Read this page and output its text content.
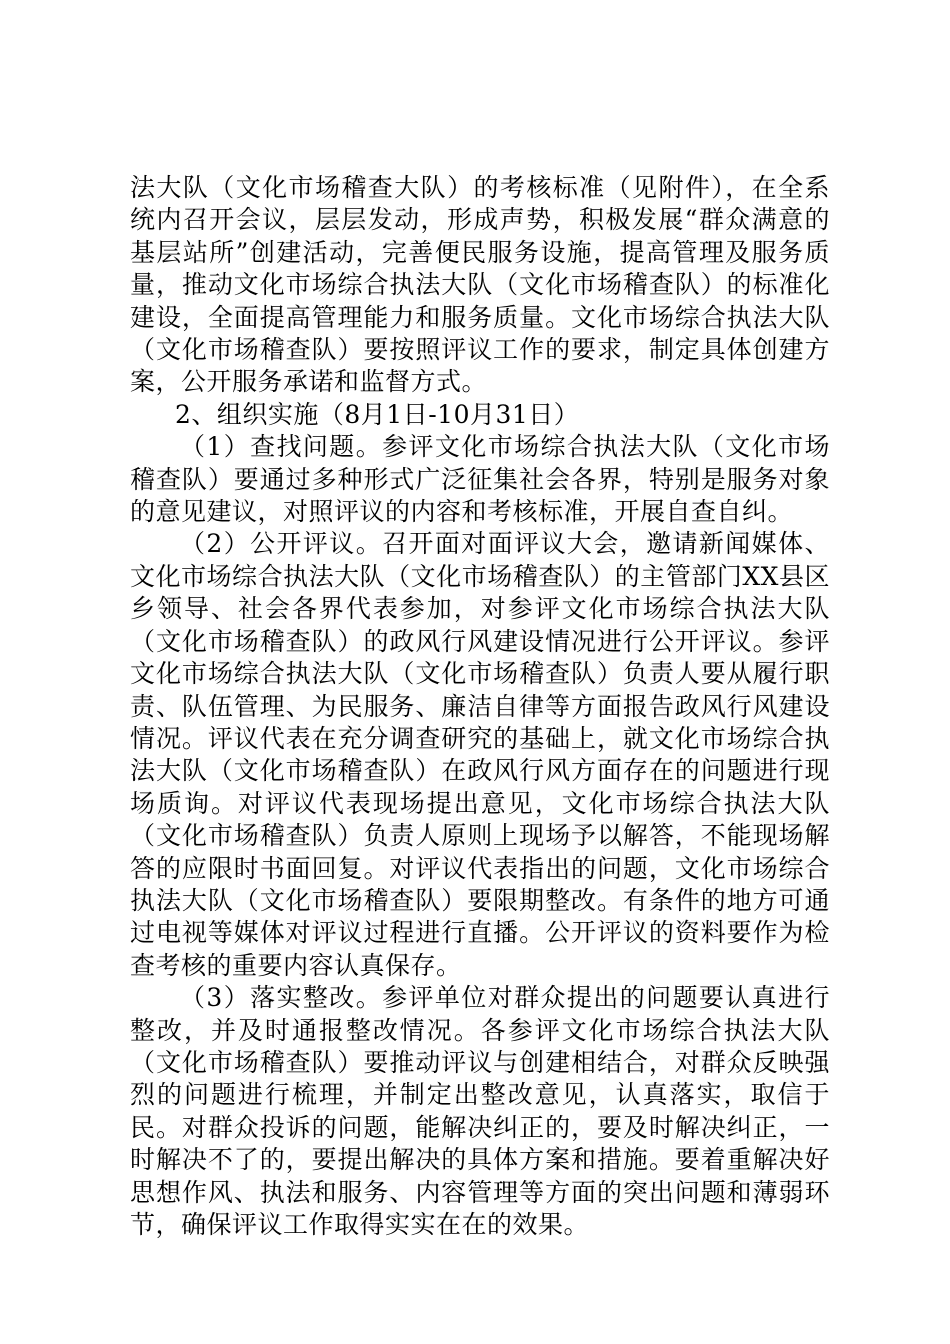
法大队（文化市场稽查大队）的考核标准（见附件），在全系统内召开会议，层层发动，形成声势，积极发展“群众满意的基层站所”创建活动，完善便民服务设施，提高管理及服务质量，推动文化市场综合执法大队（文化市场稽查队）的标准化建设，全面提高管理能力和服务质量。文化市场综合执法大队（文化市场稽查队）要按照评议工作的要求，制定具体创建方案，公开服务承诺和监督方式。

2、组织实施（8月1日-10月31日）

（1）查找问题。参评文化市场综合执法大队（文化市场稽查队）要通过多种形式广泛征集社会各界，特别是服务对象的意见建议，对照评议的内容和考核标准，开展自查自纠。

（2）公开评议。召开面对面评议大会，邀请新闻媒体、文化市场综合执法大队（文化市场稽查队）的主管部门XX县区乡领导、社会各界代表参加，对参评文化市场综合执法大队（文化市场稽查队）的政风行风建设情况进行公开评议。参评文化市场综合执法大队（文化市场稽查队）负责人要从履行职责、队伍管理、为民服务、廉洁自律等方面报告政风行风建设情况。评议代表在充分调查研究的基础上，就文化市场综合执法大队（文化市场稽查队）在政风行风方面存在的问题进行现场质询。对评议代表现场提出意见，文化市场综合执法大队（文化市场稽查队）负责人原则上现场予以解答，不能现场解答的应限时书面回复。对评议代表指出的问题，文化市场综合执法大队（文化市场稽查队）要限期整改。有条件的地方可通过电视等媒体对评议过程进行直播。公开评议的资料要作为检查考核的重要内容认真保存。

（3）落实整改。参评单位对群众提出的问题要认真进行整改，并及时通报整改情况。各参评文化市场综合执法大队（文化市场稽查队）要推动评议与创建相结合，对群众反映强烈的问题进行梳理，并制定出整改意见，认真落实，取信于民。对群众投诉的问题，能解决纠正的，要及时解决纠正，一时解决不了的，要提出解决的具体方案和措施。要着重解决好思想作风、执法和服务、内容管理等方面的突出问题和薄弱环节，确保评议工作取得实实在在的效果。
